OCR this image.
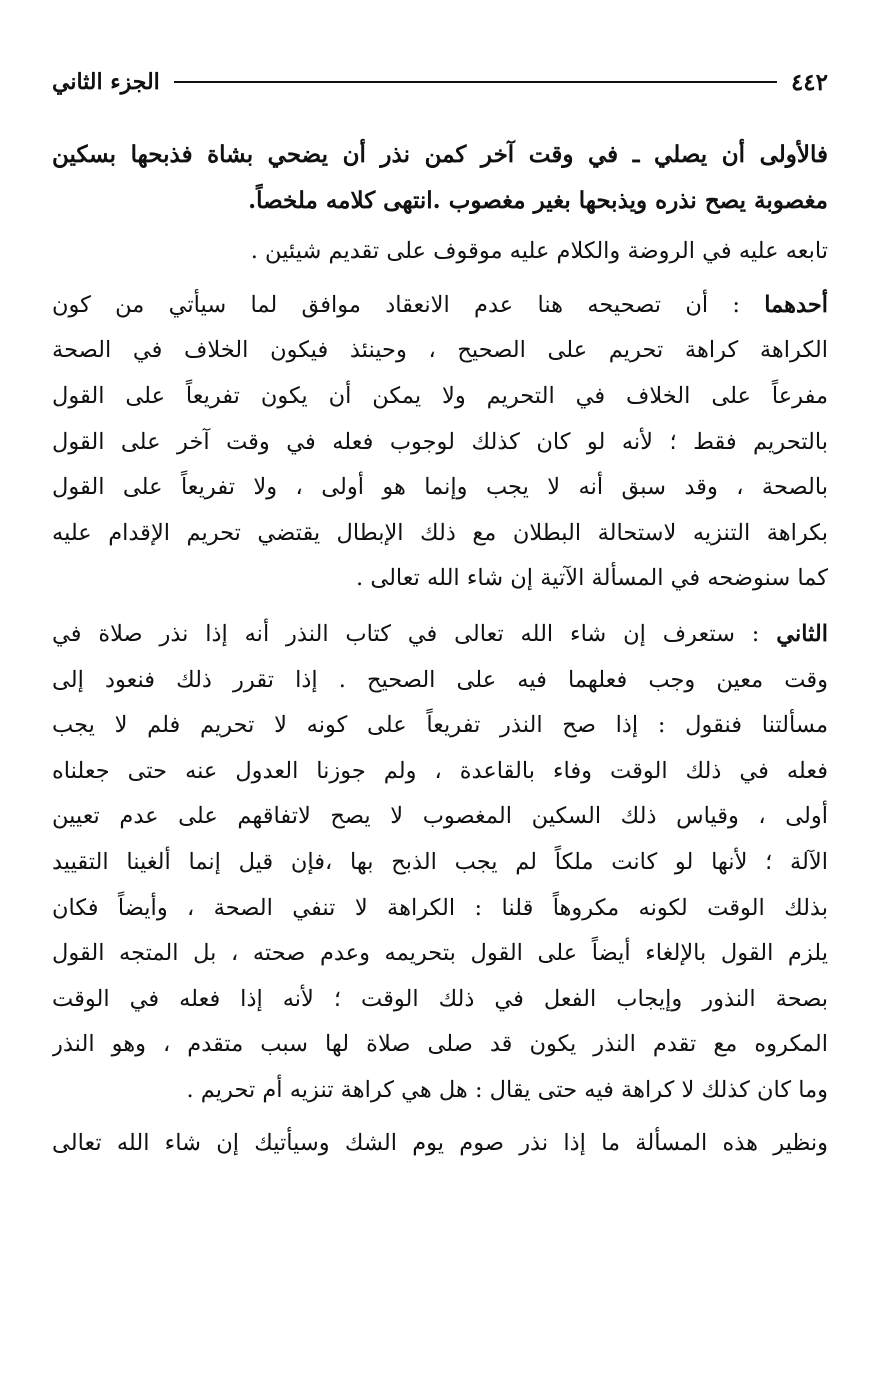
٤٤٢
الجزء الثاني
فالأولى أن يصلي ـ في وقت آخر كمن نذر أن يضحي بشاة فذبحها بسكين
مغصوبة يصح نذره ويذبحها بغير مغصوب .انتهى كلامه ملخصاً.
تابعه عليه في الروضة والكلام عليه موقوف على تقديم شيئين .
أحدهما : أن تصحيحه هنا عدم الانعقاد موافق لما سيأتي من كون
الكراهة كراهة تحريم على الصحيح ، وحينئذ فيكون الخلاف في الصحة
مفرعاً على الخلاف في التحريم ولا يمكن أن يكون تفريعاً على القول
بالتحريم فقط ؛ لأنه لو كان كذلك لوجوب فعله في وقت آخر على القول
بالصحة ، وقد سبق أنه لا يجب وإنما هو أولى ، ولا تفريعاً على القول
بكراهة التنزيه لاستحالة البطلان مع ذلك الإبطال يقتضي تحريم الإقدام عليه
كما سنوضحه في المسألة الآتية إن شاء الله تعالى .
الثاني : ستعرف إن شاء الله تعالى في كتاب النذر أنه إذا نذر صلاة في
وقت معين وجب فعلهما فيه على الصحيح . إذا تقرر ذلك فنعود إلى
مسألتنا فنقول : إذا صح النذر تفريعاً على كونه لا تحريم فلم لا يجب
فعله في ذلك الوقت وفاء بالقاعدة ، ولم جوزنا العدول عنه حتى جعلناه
أولى ، وقياس ذلك السكين المغصوب لا يصح لاتفاقهم على عدم تعيين
الآلة ؛ لأنها لو كانت ملكاً لم يجب الذبح بها ،فإن قيل إنما ألغينا التقييد
بذلك الوقت لكونه مكروهاً قلنا : الكراهة لا تنفي الصحة ، وأيضاً فكان
يلزم القول بالإلغاء أيضاً على القول بتحريمه وعدم صحته ، بل المتجه القول
بصحة النذور وإيجاب الفعل في ذلك الوقت ؛ لأنه إذا فعله في الوقت
المكروه مع تقدم النذر يكون قد صلى صلاة لها سبب متقدم ، وهو النذر
وما كان كذلك لا كراهة فيه حتى يقال : هل هي كراهة تنزيه أم تحريم .
ونظير هذه المسألة ما إذا نذر صوم يوم الشك وسيأتيك إن شاء الله تعالى
